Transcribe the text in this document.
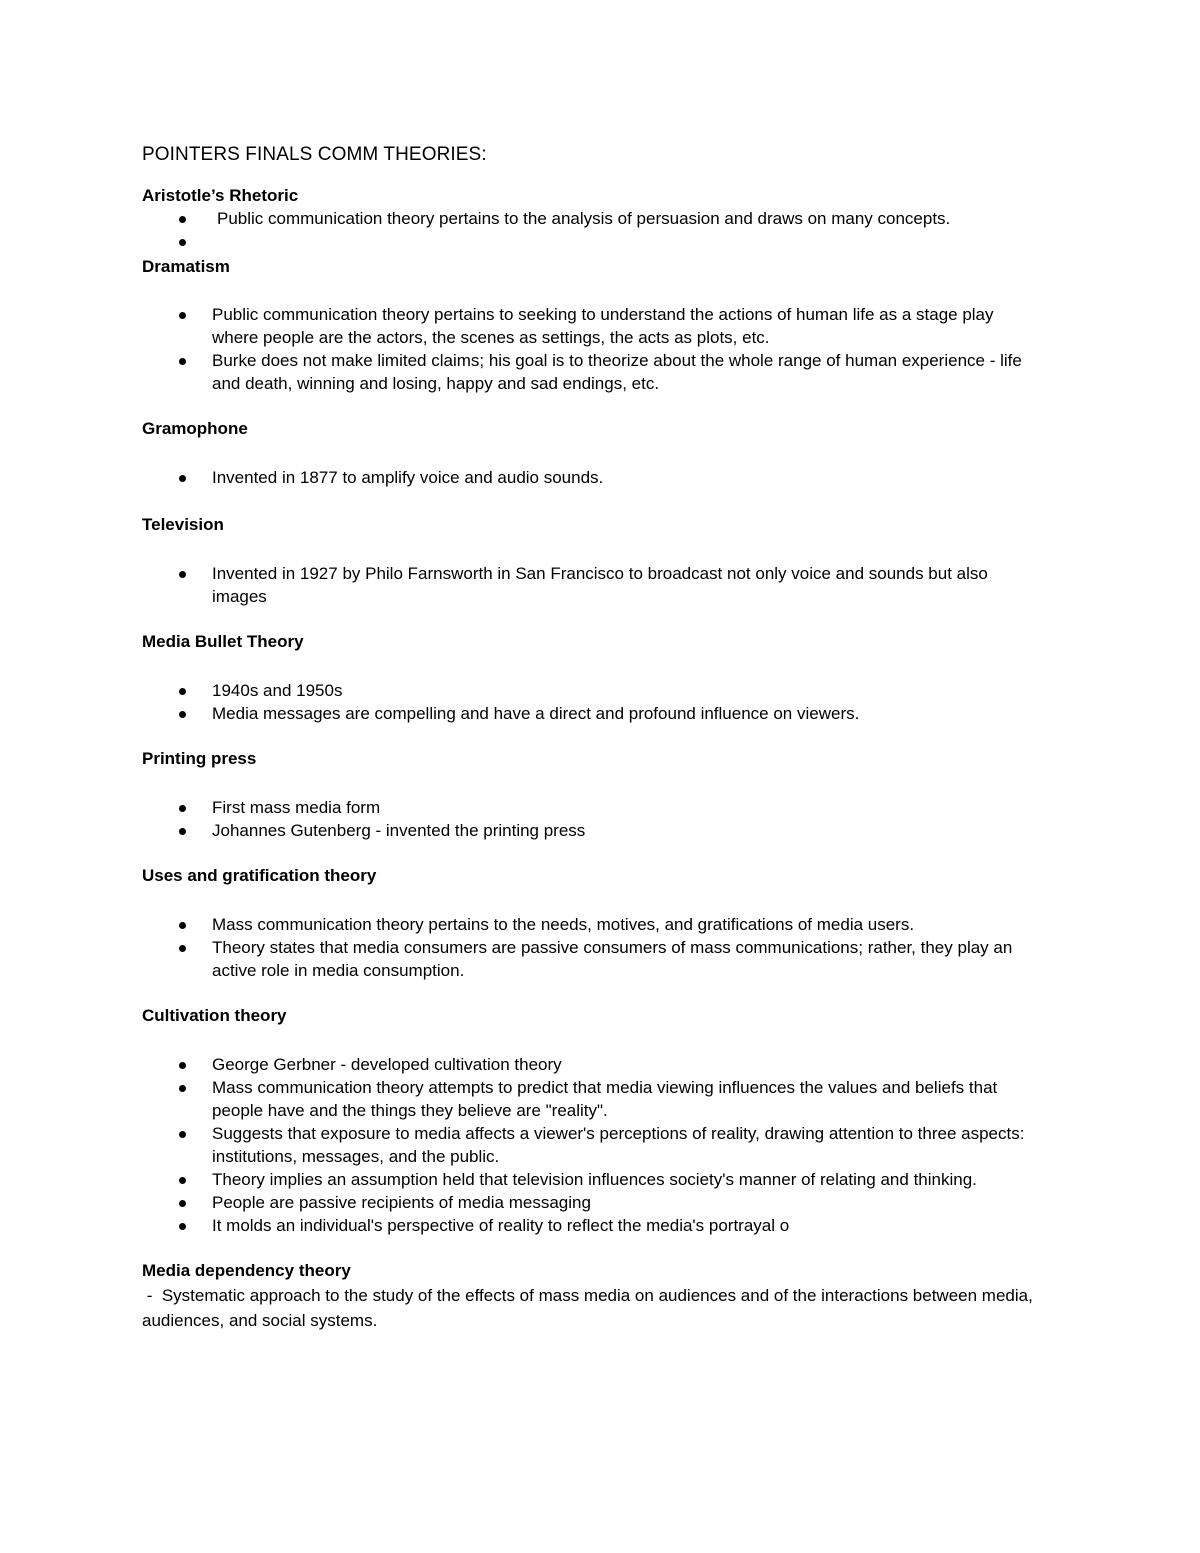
POINTERS FINALS COMM THEORIES:
Aristotle’s Rhetoric
Public communication theory pertains to the analysis of persuasion and draws on many concepts.
Dramatism
Public communication theory pertains to seeking to understand the actions of human life as a stage play where people are the actors, the scenes as settings, the acts as plots, etc.
Burke does not make limited claims; his goal is to theorize about the whole range of human experience - life and death, winning and losing, happy and sad endings, etc.
Gramophone
Invented in 1877 to amplify voice and audio sounds.
Television
Invented in 1927 by Philo Farnsworth in San Francisco to broadcast not only voice and sounds but also images
Media Bullet Theory
1940s and 1950s
Media messages are compelling and have a direct and profound influence on viewers.
Printing press
First mass media form
Johannes Gutenberg - invented the printing press
Uses and gratification theory
Mass communication theory pertains to the needs, motives, and gratifications of media users.
Theory states that media consumers are passive consumers of mass communications; rather, they play an active role in media consumption.
Cultivation theory
George Gerbner - developed cultivation theory
Mass communication theory attempts to predict that media viewing influences the values and beliefs that people have and the things they believe are "reality".
Suggests that exposure to media affects a viewer's perceptions of reality, drawing attention to three aspects: institutions, messages, and the public.
Theory implies an assumption held that television influences society's manner of relating and thinking.
People are passive recipients of media messaging
It molds an individual's perspective of reality to reflect the media's portrayal o
Media dependency theory

-  Systematic approach to the study of the effects of mass media on audiences and of the interactions between media, audiences, and social systems.
